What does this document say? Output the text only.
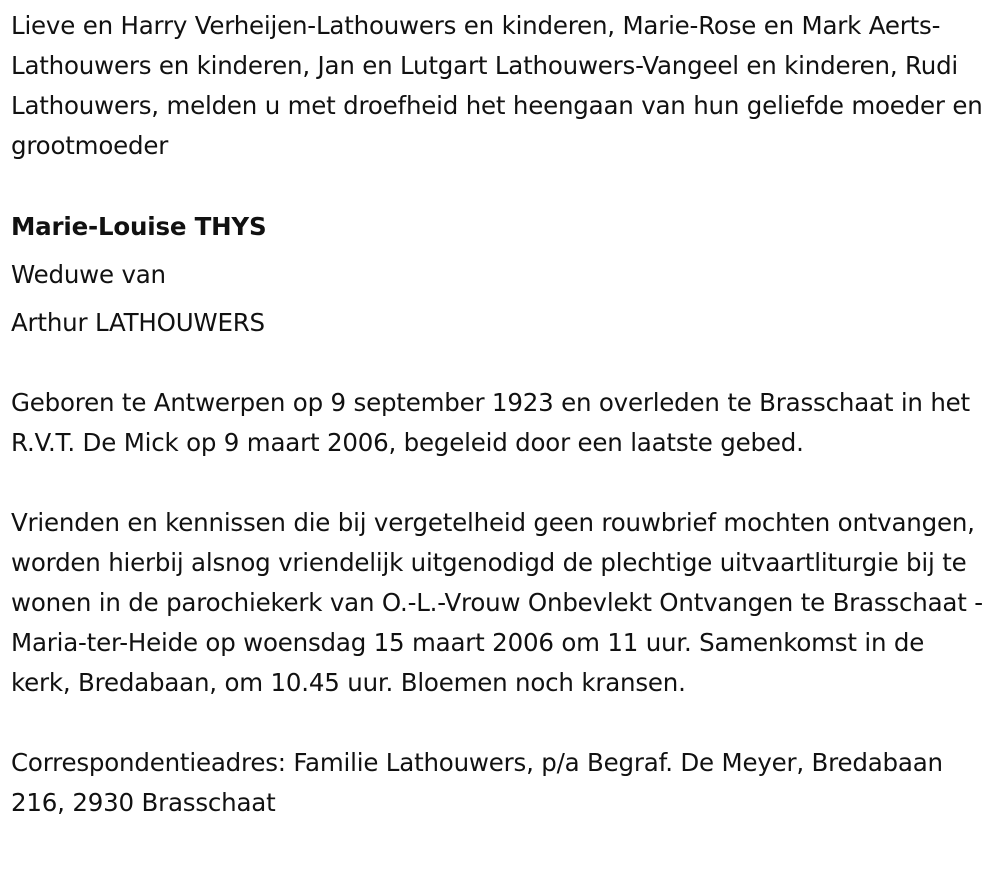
Lieve en Harry Verheijen-Lathouwers en kinderen, Marie-Rose en Mark Aerts-Lathouwers en kinderen, Jan en Lutgart Lathouwers-Vangeel en kinderen, Rudi Lathouwers, melden u met droefheid het heengaan van hun geliefde moeder en grootmoeder

Marie-Louise THYS
Weduwe van
Arthur LATHOUWERS

Geboren te Antwerpen op 9 september 1923 en overleden te Brasschaat in het R.V.T. De Mick op 9 maart 2006, begeleid door een laatste gebed.

Vrienden en kennissen die bij vergetelheid geen rouwbrief mochten ontvangen, worden hierbij alsnog vriendelijk uitgenodigd de plechtige uitvaartliturgie bij te wonen in de parochiekerk van O.-L.-Vrouw Onbevlekt Ontvangen te Brasschaat - Maria-ter-Heide op woensdag 15 maart 2006 om 11 uur. Samenkomst in de kerk, Bredabaan, om 10.45 uur. Bloemen noch kransen.

Correspondentieadres: Familie Lathouwers, p/a Begraf. De Meyer, Bredabaan 216, 2930 Brasschaat
